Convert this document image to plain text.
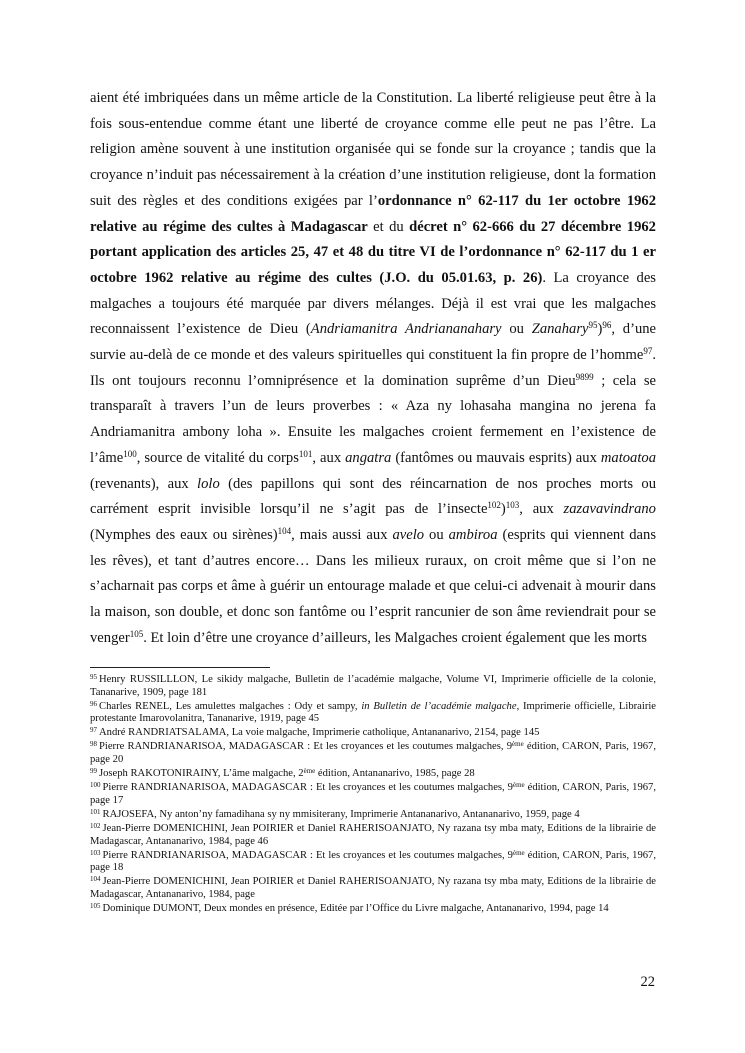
aient été imbriquées dans un même article de la Constitution. La liberté religieuse peut être à la fois sous-entendue comme étant une liberté de croyance comme elle peut ne pas l’être. La religion amène souvent à une institution organisée qui se fonde sur la croyance ; tandis que la croyance n’induit pas nécessairement à la création d’une institution religieuse, dont la formation suit des règles et des conditions exigées par l’ordonnance n° 62-117 du 1er octobre 1962 relative au régime des cultes à Madagascar et du décret n° 62-666 du 27 décembre 1962 portant application des articles 25, 47 et 48 du titre VI de l’ordonnance n° 62-117 du 1 er octobre 1962 relative au régime des cultes (J.O. du 05.01.63, p. 26). La croyance des malgaches a toujours été marquée par divers mélanges. Déjà il est vrai que les malgaches reconnaissent l’existence de Dieu (Andriamanitra Andriananahary ou Zanahary$^{95}$)$^{96}$, d’une survie au-delà de ce monde et des valeurs spirituelles qui constituent la fin propre de l’homme$^{97}$. Ils ont toujours reconnu l’omniprésence et la domination suprême d’un Dieu$^{9899}$ ; cela se transparaît à travers l’un de leurs proverbes : « Aza ny lohasaha mangina no jerena fa Andriamanitra ambony loha ». Ensuite les malgaches croient fermement en l’existence de l’âme$^{100}$, source de vitalité du corps$^{101}$, aux angatra (fantômes ou mauvais esprits) aux matoatoa (revenants), aux lolo (des papillons qui sont des réincarnation de nos proches morts ou carrément esprit invisible lorsqu’il ne s’agit pas de l’insecte$^{102}$)$^{103}$, aux zazavavindrano (Nymphes des eaux ou sirènes)$^{104}$, mais aussi aux avelo ou ambiroa (esprits qui viennent dans les rêves), et tant d’autres encore… Dans les milieux ruraux, on croit même que si l’on ne s’acharnait pas corps et âme à guérir un entourage malade et que celui-ci advenait à mourir dans la maison, son double, et donc son fantôme ou l’esprit rancunier de son âme reviendrait pour se venger$^{105}$. Et loin d’être une croyance d’ailleurs, les Malgaches croient également que les morts

$^{95}$ Henry RUSSILLLON, Le sikidy malgache, Bulletin de l’académie malgache, Volume VI, Imprimerie officielle de la colonie, Tananarive, 1909, page 181

$^{96}$ Charles RENEL, Les amulettes malgaches : Ody et sampy, in Bulletin de l’académie malgache, Imprimerie officielle, Librairie protestante Imarovolanitra, Tananarive, 1919, page 45

$^{97}$ André RANDRIATSALAMA, La voie malgache, Imprimerie catholique, Antananarivo, 2154, page 145

$^{98}$ Pierre RANDRIANARISOA, MADAGASCAR : Et les croyances et les coutumes malgaches, 9ème édition, CARON, Paris, 1967, page 20

$^{99}$ Joseph RAKOTONIRAINY, L’âme malgache, 2ème édition, Antananarivo, 1985, page 28

$^{100}$ Pierre RANDRIANARISOA, MADAGASCAR : Et les croyances et les coutumes malgaches, 9ème édition, CARON, Paris, 1967, page 17

$^{101}$ RAJOSEFA, Ny anton’ny famadihana sy ny mmisiterany, Imprimerie Antananarivo, Antananarivo, 1959, page 4

$^{102}$ Jean-Pierre DOMENICHINI, Jean POIRIER et Daniel RAHERISOANJATO, Ny razana tsy mba maty, Editions de la librairie de Madagascar, Antananarivo, 1984, page 46

$^{103}$ Pierre RANDRIANARISOA, MADAGASCAR : Et les croyances et les coutumes malgaches, 9ème édition, CARON, Paris, 1967, page 18

$^{104}$ Jean-Pierre DOMENICHINI, Jean POIRIER et Daniel RAHERISOANJATO, Ny razana tsy mba maty, Editions de la librairie de Madagascar, Antananarivo, 1984, page

$^{105}$ Dominique DUMONT, Deux mondes en présence, Editée par l’Office du Livre malgache, Antananarivo, 1994, page 14

22
